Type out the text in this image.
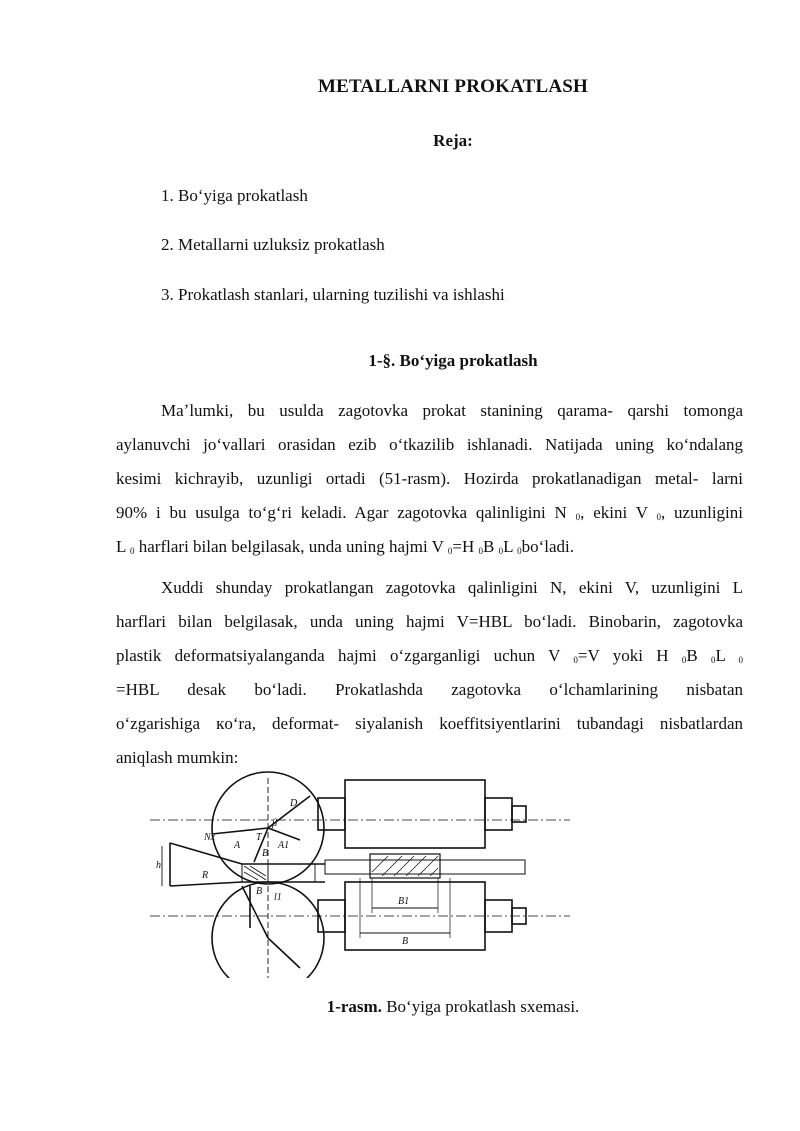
METALLARNI PROKATLASH
Reja:
1. Boʻyiga prokatlash
2. Metallarni uzluksiz prokatlash
3. Prokatlash stanlari, ularning tuzilishi va ishlashi
1-§. Boʻyiga prokatlash
Maʼlumki, bu usulda zagotovka prokat stanining qarama- qarshi tomonga
aylanuvchi joʻvallari orasidan ezib oʻtkazilib ishlanadi. Natijada uning koʻndalang
kesimi kichrayib, uzunligi ortadi (51-rasm). Hozirda prokatlanadigan metal- larni
90% i bu usulga toʻgʻri keladi. Agar zagotovka qalinligini N $_0$, ekini V $_0$, uzunligini
L $_0$ harflari bilan belgilasak, unda uning hajmi V $_0$=H $_0$B $_0$L $_0$boʻladi.
Xuddi shunday prokatlangan zagotovka qalinligini N, ekini V, uzunligini L
harflari bilan belgilasak, unda uning hajmi V=HBL boʻladi. Binobarin, zagotovka
plastik deformatsiyalanganda hajmi oʻzgarganligi uchun V $_0$=V yoki H $_0$B $_0$L $_0$
=HBL desak boʻladi. Prokatlashda zagotovka oʻlchamlarining nisbatan
oʻzgarishiga кoʻra, deformat- siyalanish koeffitsiyentlarini tubandagi nisbatlardan
aniqlash mumkin:
D
β
Nx	T
A	A1
B
R
h
B
l1	B1
B
1-rasm. Boʻyiga prokatlash sxemasi.
